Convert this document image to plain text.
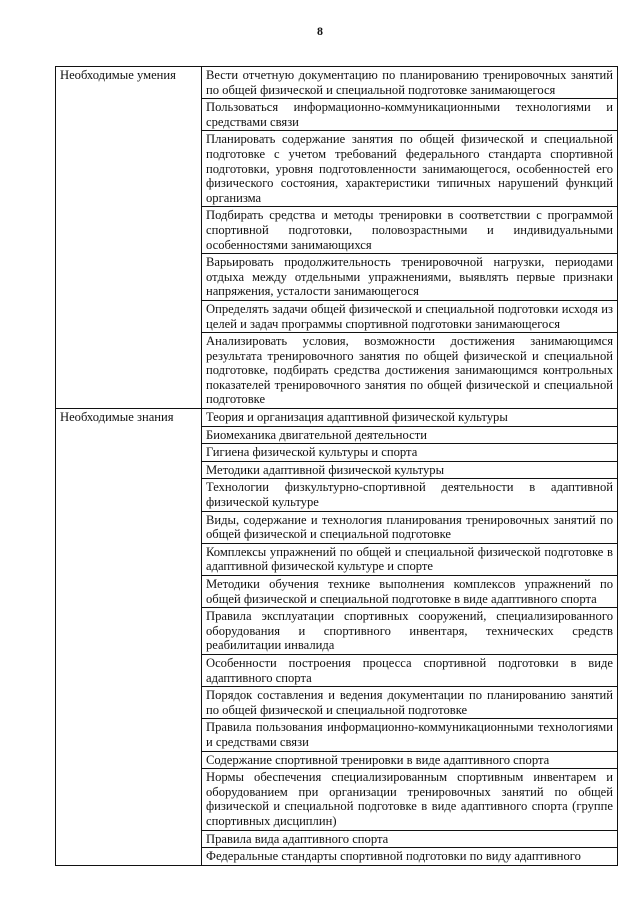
8
Необходимые умения	Вести отчетную документацию по планированию тренировочных занятий по общей физической и специальной подготовке занимающегося
	Пользоваться информационно-коммуникационными технологиями и средствами связи
	Планировать содержание занятия по общей физической и специальной подготовке с учетом требований федерального стандарта спортивной подготовки, уровня подготовленности занимающегося, особенностей его физического состояния, характеристики типичных нарушений функций организма
	Подбирать средства и методы тренировки в соответствии с программой спортивной подготовки, половозрастными и индивидуальными особенностями занимающихся
	Варьировать продолжительность тренировочной нагрузки, периодами отдыха между отдельными упражнениями, выявлять первые признаки напряжения, усталости занимающегося
	Определять задачи общей физической и специальной подготовки исходя из целей и задач программы спортивной подготовки занимающегося
	Анализировать условия, возможности достижения занимающимся результата тренировочного занятия по общей физической и специальной подготовке, подбирать средства достижения занимающимся контрольных показателей тренировочного занятия по общей физической и специальной подготовке
Необходимые знания	Теория и организация адаптивной физической культуры
	Биомеханика двигательной деятельности
	Гигиена физической культуры и спорта
	Методики адаптивной физической культуры
	Технологии физкультурно-спортивной деятельности в адаптивной физической культуре
	Виды, содержание и технология планирования тренировочных занятий по общей физической и специальной подготовке
	Комплексы упражнений по общей и специальной физической подготовке в адаптивной физической культуре и спорте
	Методики обучения технике выполнения комплексов упражнений по общей физической и специальной подготовке в виде адаптивного спорта
	Правила эксплуатации спортивных сооружений, специализированного оборудования и спортивного инвентаря, технических средств реабилитации инвалида
	Особенности построения процесса спортивной подготовки в виде адаптивного спорта
	Порядок составления и ведения документации по планированию занятий по общей физической и специальной подготовке
	Правила пользования информационно-коммуникационными технологиями и средствами связи
	Содержание спортивной тренировки в виде адаптивного спорта
	Нормы обеспечения специализированным спортивным инвентарем и оборудованием при организации тренировочных занятий по общей физической и специальной подготовке в виде адаптивного спорта (группе спортивных дисциплин)
	Правила вида адаптивного спорта
	Федеральные стандарты спортивной подготовки по виду адаптивного
